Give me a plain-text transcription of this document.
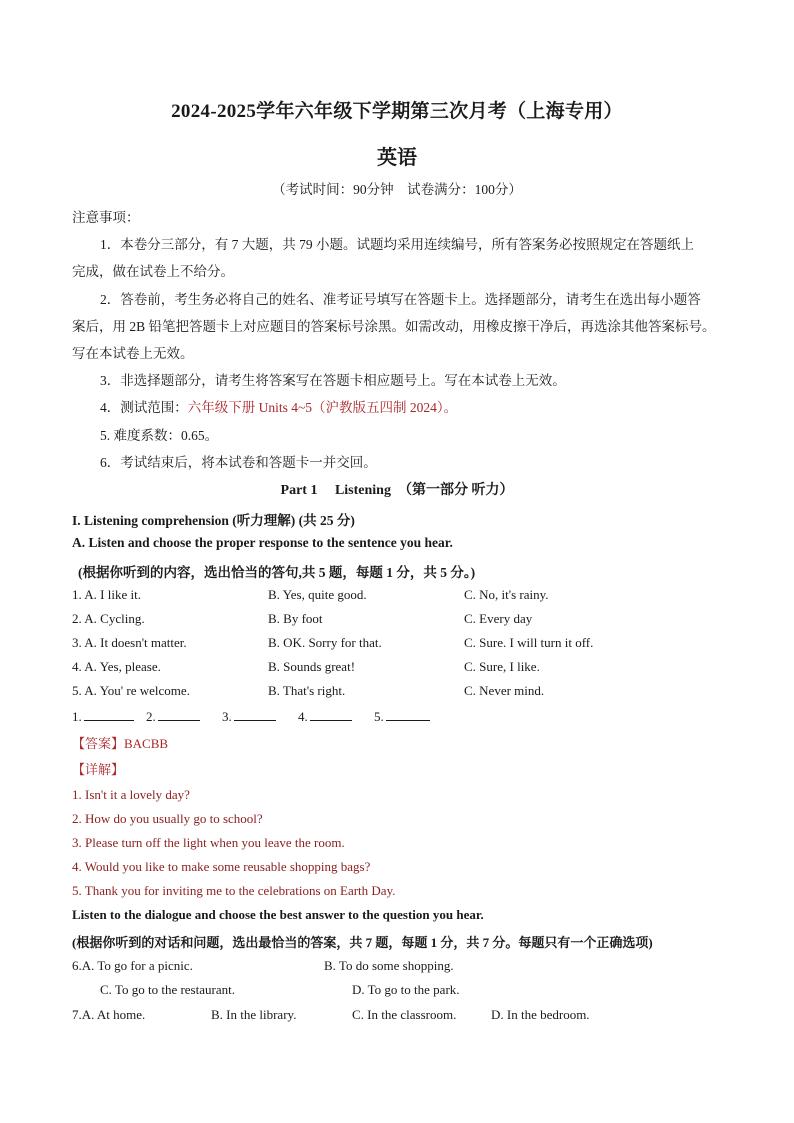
2024-2025学年六年级下学期第三次月考（上海专用）
英语
（考试时间：90分钟　试卷满分：100分）
注意事项：
1．本卷分三部分，有 7 大题，共 79 小题。试题均采用连续编号，所有答案务必按照规定在答题纸上
完成，做在试卷上不给分。
2．答卷前，考生务必将自己的姓名、准考证号填写在答题卡上。选择题部分，请考生在选出每小题答
案后，用 2B 铅笔把答题卡上对应题目的答案标号涂黑。如需改动，用橡皮擦干净后，再选涂其他答案标号。
写在本试卷上无效。
3．非选择题部分，请考生将答案写在答题卡相应题号上。写在本试卷上无效。
4．测试范围：六年级下册 Units 4~5（沪教版五四制 2024）。
5. 难度系数：0.65。
6．考试结束后，将本试卷和答题卡一并交回。
Part 1　 Listening　（第一部分 听力）
I. Listening comprehension (听力理解) (共 25 分)
A. Listen and choose the proper response to the sentence you hear.
(根据你听到的内容，选出恰当的答句,共 5 题，每题 1 分，共 5 分。)
1. A. I like it.	B. Yes, quite good.	C. No, it's rainy.
2. A. Cycling.	B. By foot	C. Every day
3. A. It doesn't matter.	B. OK. Sorry for that.	C. Sure. I will turn it off.
4. A. Yes, please.	B. Sounds great!	C. Sure, I like.
5. A. You' re welcome.	B. That's right.	C. Never mind.
1.	2.	3.	4.	5.
【答案】BACBB
【详解】
1. Isn't it a lovely day?
2. How do you usually go to school?
3. Please turn off the light when you leave the room.
4. Would you like to make some reusable shopping bags?
5. Thank you for inviting me to the celebrations on Earth Day.
Listen to the dialogue and choose the best answer to the question you hear.
(根据你听到的对话和问题，选出最恰当的答案，共 7 题，每题 1 分，共 7 分。每题只有一个正确选项)
6.A. To go for a picnic.	B. To do some shopping.
C. To go to the restaurant.	D. To go to the park.
7.A. At home.	B. In the library.	C. In the classroom.	D. In the bedroom.
